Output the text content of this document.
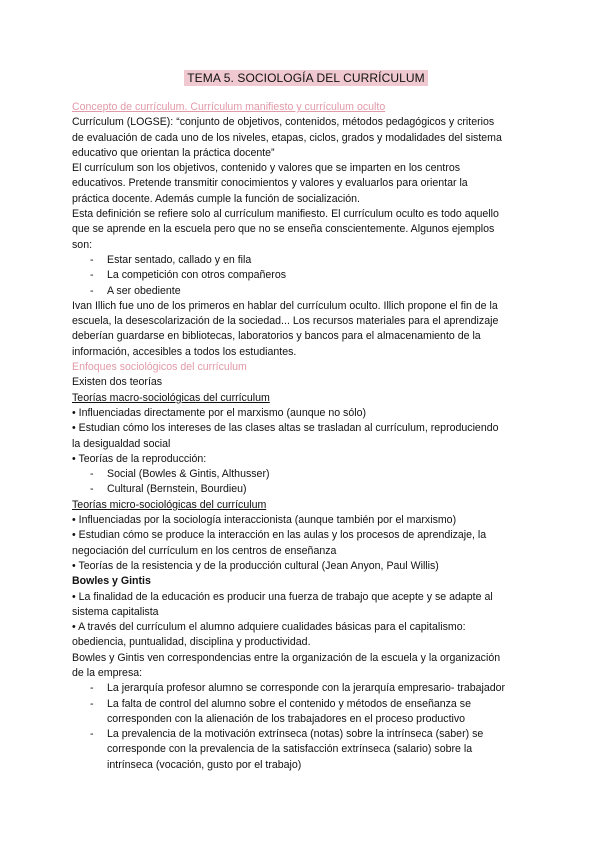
TEMA 5. SOCIOLOGÍA DEL CURRÍCULUM

Concepto de currículum. Currículum manifiesto y currículum oculto

Currículum (LOGSE): “conjunto de objetivos, contenidos, métodos pedagógicos y criterios

de evaluación de cada uno de los niveles, etapas, ciclos, grados y modalidades del sistema

educativo que orientan la práctica docente”

El currículum son los objetivos, contenido y valores que se imparten en los centros

educativos. Pretende transmitir conocimientos y valores y evaluarlos para orientar la

práctica docente. Además cumple la función de socialización.

Esta definición se refiere solo al currículum manifiesto. El currículum oculto es todo aquello

que se aprende en la escuela pero que no se enseña conscientemente. Algunos ejemplos

son:

- Estar sentado, callado y en fila

- La competición con otros compañeros

- A ser obediente

Ivan Illich fue uno de los primeros en hablar del currículum oculto. Illich propone el fin de la

escuela, la desescolarización de la sociedad... Los recursos materiales para el aprendizaje

deberían guardarse en bibliotecas, laboratorios y bancos para el almacenamiento de la

información, accesibles a todos los estudiantes.

Enfoques sociológicos del currículum

Existen dos teorías

Teorías macro-sociológicas del currículum

• Influenciadas directamente por el marxismo (aunque no sólo)

• Estudian cómo los intereses de las clases altas se trasladan al currículum, reproduciendo

la desigualdad social

• Teorías de la reproducción:

- Social (Bowles & Gintis, Althusser)

- Cultural (Bernstein, Bourdieu)

Teorías micro-sociológicas del currículum

• Influenciadas por la sociología interaccionista (aunque también por el marxismo)

• Estudian cómo se produce la interacción en las aulas y los procesos de aprendizaje, la

negociación del currículum en los centros de enseñanza

• Teorías de la resistencia y de la producción cultural (Jean Anyon, Paul Willis)

Bowles y Gintis

• La finalidad de la educación es producir una fuerza de trabajo que acepte y se adapte al

sistema capitalista

• A través del currículum el alumno adquiere cualidades básicas para el capitalismo:

obediencia, puntualidad, disciplina y productividad.

Bowles y Gintis ven correspondencias entre la organización de la escuela y la organización

de la empresa:

- La jerarquía profesor alumno se corresponde con la jerarquía empresario- trabajador

- La falta de control del alumno sobre el contenido y métodos de enseñanza se

corresponden con la alienación de los trabajadores en el proceso productivo

- La prevalencia de la motivación extrínseca (notas) sobre la intrínseca (saber) se

corresponde con la prevalencia de la satisfacción extrínseca (salario) sobre la

intrínseca (vocación, gusto por el trabajo)
